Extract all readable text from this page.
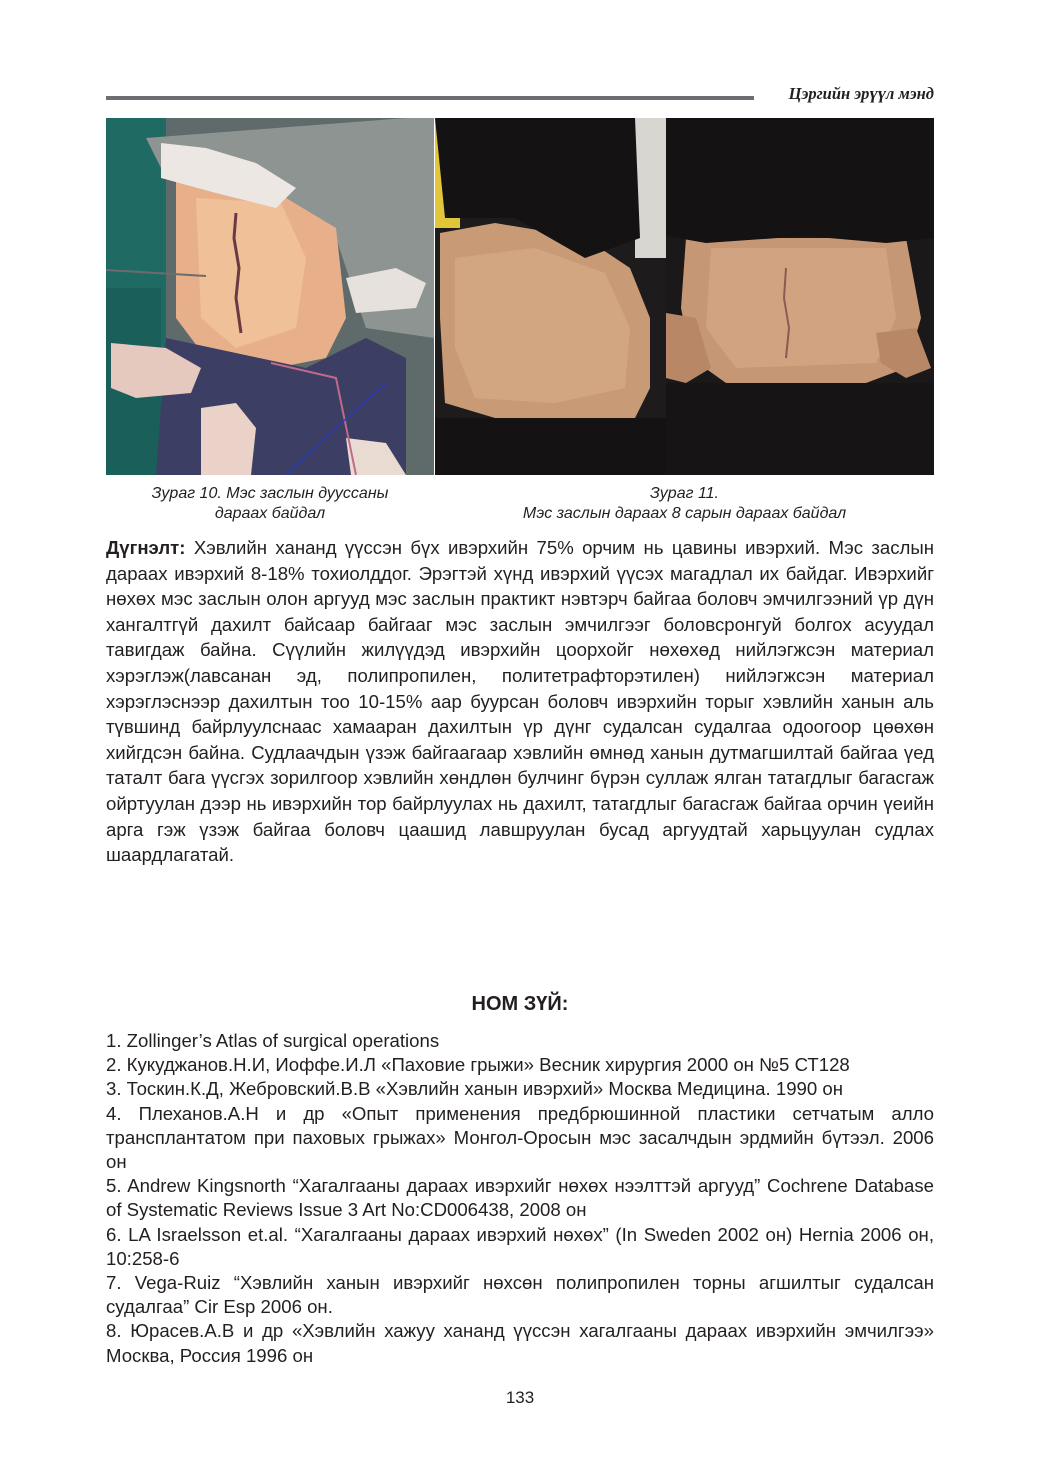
Цэргийн эрүүл мэнд
Зураг 10. Мэс заслын дууссаны
дараах байдал
Зураг 11.
Мэс заслын дараах 8 сарын дараах байдал

Дүгнэлт: Хэвлийн хананд үүссэн бүх ивэрхийн 75% орчим нь цавины ивэрхий. Мэс заслын дараах ивэрхий 8-18% тохиолддог. Эрэгтэй хүнд ивэрхий үүсэх магадлал их байдаг. Ивэрхийг нөхөх мэс заслын олон аргууд мэс заслын практикт нэвтэрч байгаа боловч эмчилгээний үр дүн хангалтгүй дахилт байсаар байгааг мэс заслын эмчилгээг боловсронгуй болгох асуудал тавигдаж байна. Сүүлийн жилүүдэд ивэрхийн цоорхойг нөхөхөд нийлэгжсэн материал хэрэглэж(лавсанан эд, полипропилен, политетрафторэтилен) нийлэгжсэн материал хэрэглэснээр дахилтын тоо 10-15% аар буурсан боловч ивэрхийн торыг хэвлийн ханын аль түвшинд байрлуулснаас хамааран дахилтын үр дүнг судалсан судалгаа одоогоор цөөхөн хийгдсэн байна. Судлаачдын үзэж байгаагаар хэвлийн өмнөд ханын дутмагшилтай байгаа үед таталт бага үүсгэх зорилгоор хэвлийн хөндлөн булчинг бүрэн суллаж ялган татагдлыг багасгаж ойртуулан дээр нь ивэрхийн тор байрлуулах нь дахилт, татагдлыг багасгаж байгаа орчин үеийн арга гэж үзэж байгаа боловч цаашид лавшруулан бусад аргуудтай харьцуулан судлах шаардлагатай.

НОМ ЗҮЙ:
1. Zollinger’s Atlas of surgical operations
2. Кукуджанов.Н.И, Иоффе.И.Л «Паховие грыжи» Весник хирургия 2000 он №5 СТ128
3. Тоскин.К.Д, Жебровский.В.В «Хэвлийн ханын ивэрхий» Москва Медицина. 1990 он
4. Плеханов.А.Н и др «Опыт применения предбрюшинной пластики сетчатым алло трансплантатом при паховых грыжах» Монгол-Оросын мэс засалчдын эрдмийн бүтээл. 2006 он
5. Andrew Kingsnorth “Хагалгааны дараах ивэрхийг нөхөх нээлттэй аргууд” Cochrene Database of Systematic Reviews Issue 3 Art No:CD006438, 2008 он
6. LA Israelsson et.al. “Хагалгааны дараах ивэрхий нөхөх” (In Sweden 2002 он) Hernia 2006 он, 10:258-6
7. Vega-Ruiz “Хэвлийн ханын ивэрхийг нөхсөн полипропилен торны агшилтыг судалсан судалгаа” Cir Esp 2006 он.
8. Юрасев.А.В и др «Хэвлийн хажуу хананд үүссэн хагалгааны дараах ивэрхийн эмчилгээ» Москва, Россия 1996 он
133
